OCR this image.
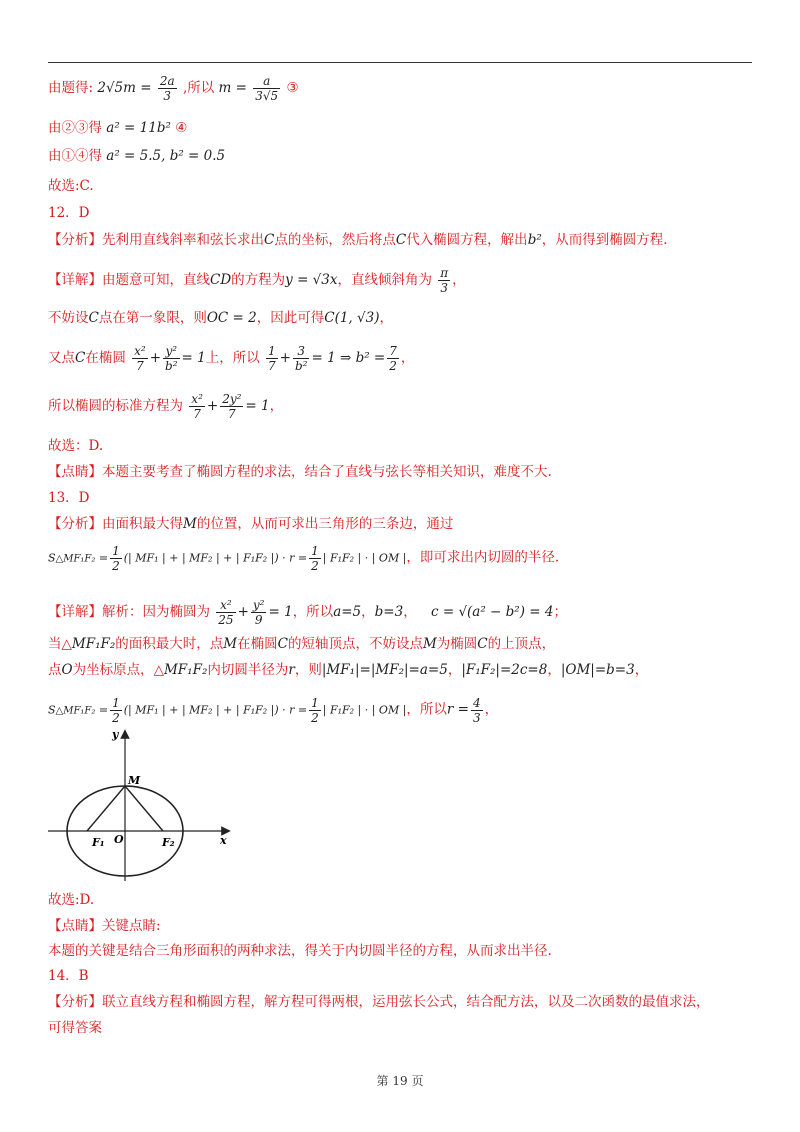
由题得: $2√5m = \frac{2a}{3}$ ,所以 $m = \frac{a}{3√5}$ ③
由②③得 a² = 11b² ④
由①④得 a² = 5.5, b² = 0.5
故选:C.
12．D
【分析】先利用直线斜率和弦长求出C点的坐标，然后将点C代入椭圆方程，解出b²，从而得到椭圆方程.
【详解】由题意可知，直线CD的方程为y = √3x，直线倾斜角为 $\frac{\pi}{3}$ ，
不妨设C点在第一象限，则OC = 2，因此可得C(1, √3)，
又点C在椭圆 $\frac{\text{x²}}{7} + \frac{\text{y²}}{\text{b²}} = 1$上，所以 $\frac{1}{7} + \frac{3}{\text{b²}} = 1$ ⇒ $b^2 = \frac{7}{2}$ ，
所以椭圆的标准方程为 $\frac{\text{x²}}{7} + \frac{\text{2y²}}{7} = 1$，
故选：D.
【点睛】本题主要考查了椭圆方程的求法，结合了直线与弦长等相关知识，难度不大.
13．D
【分析】由面积最大得M的位置，从而可求出三角形的三条边，通过
S△MF₁F₂ = $\frac{1}{2}$ (| MF₁ | + | MF₂ | + | F₁F₂ |) · $r = \frac{1}{2}$ | F₁F₂ | · | OM |，即可求出内切圆的半径.
【详解】解析：因为椭圆为 $\frac{\text{x²}}{25} + \frac{\text{y²}}{9} = 1$，所以a=5，b=3， c = √(a² − b²) = 4；
当△MF₁F₂的面积最大时，点M在椭圆C的短轴顶点，不妨设点M为椭圆C的上顶点，
点O为坐标原点，△MF₁F₂内切圆半径为r，则|MF₁|=|MF₂|=a=5，|F₁F₂|=2c=8，|OM|=b=3，
S△MF₁F₂ = $\frac{1}{2}$ (| MF₁ | + | MF₂ | + | F₁F₂ |) · $r = \frac{1}{2}$ | F₁F₂ | · | OM |，所以$r = \frac{4}{3}$ ，
y
x
M
O
F₁	F₂
故选:D.
【点睛】关键点睛:
本题的关键是结合三角形面积的两种求法，得关于内切圆半径的方程，从而求出半径.
14．B
【分析】联立直线方程和椭圆方程，解方程可得两根，运用弦长公式，结合配方法，以及二次函数的最值求法，
可得答案
第 19 页
